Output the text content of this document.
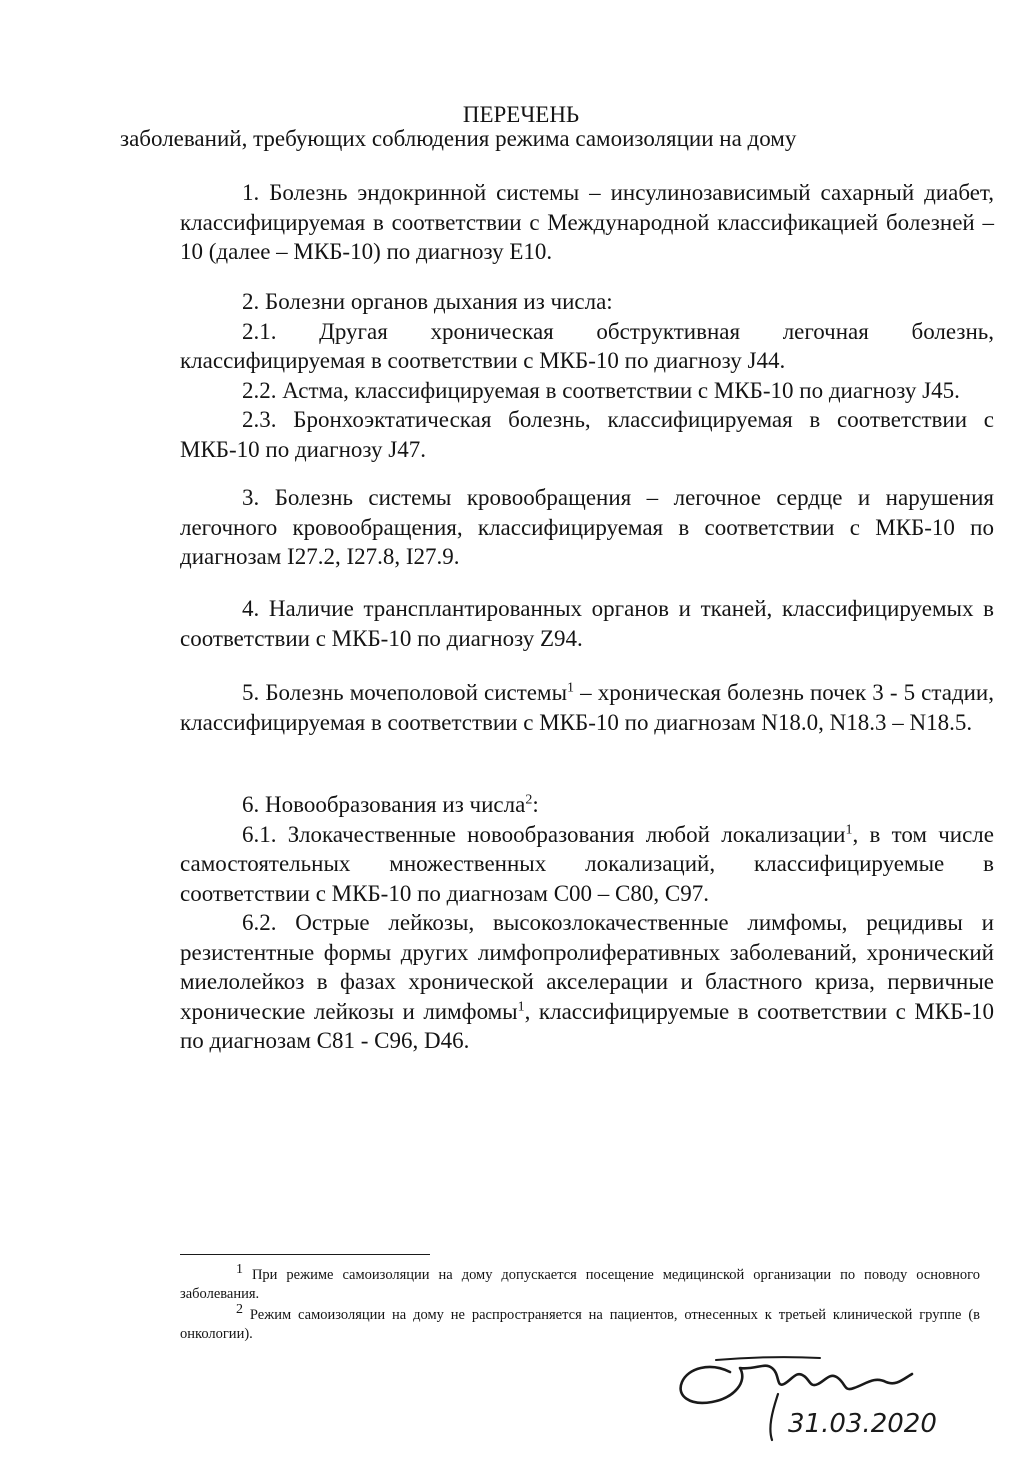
ПЕРЕЧЕНЬ
заболеваний, требующих соблюдения режима самоизоляции на дому

1. Болезнь эндокринной системы – инсулинозависимый сахарный диабет, классифицируемая в соответствии с Международной классификацией болезней – 10 (далее – МКБ-10) по диагнозу E10.

2. Болезни органов дыхания из числа:

2.1. Другая хроническая обструктивная легочная болезнь, классифицируемая в соответствии с МКБ-10 по диагнозу J44.

2.2. Астма, классифицируемая в соответствии с МКБ-10 по диагнозу J45.

2.3. Бронхоэктатическая болезнь, классифицируемая в соответствии с МКБ-10 по диагнозу J47.

3. Болезнь системы кровообращения – легочное сердце и нарушения легочного кровообращения, классифицируемая в соответствии с МКБ-10 по диагнозам I27.2, I27.8, I27.9.

4. Наличие трансплантированных органов и тканей, классифицируемых в соответствии с МКБ-10 по диагнозу Z94.

5. Болезнь мочеполовой системы$^1$ – хроническая болезнь почек 3 - 5 стадии, классифицируемая в соответствии с МКБ-10 по диагнозам N18.0, N18.3 – N18.5.

6. Новообразования из числа$^2$:

6.1. Злокачественные новообразования любой локализации$^1$, в том числе самостоятельных множественных локализаций, классифицируемые в соответствии с МКБ-10 по диагнозам C00 – C80, C97.

6.2. Острые лейкозы, высокозлокачественные лимфомы, рецидивы и резистентные формы других лимфопролиферативных заболеваний, хронический миелолейкоз в фазах хронической акселерации и бластного криза, первичные хронические лейкозы и лимфомы$^1$, классифицируемые в соответствии с МКБ-10 по диагнозам C81 - C96, D46.

$^1$ При режиме самоизоляции на дому допускается посещение медицинской организации по поводу основного заболевания.

$^2$ Режим самоизоляции на дому не распространяется на пациентов, отнесенных к третьей клинической группе (в онкологии).

31.03.2020
